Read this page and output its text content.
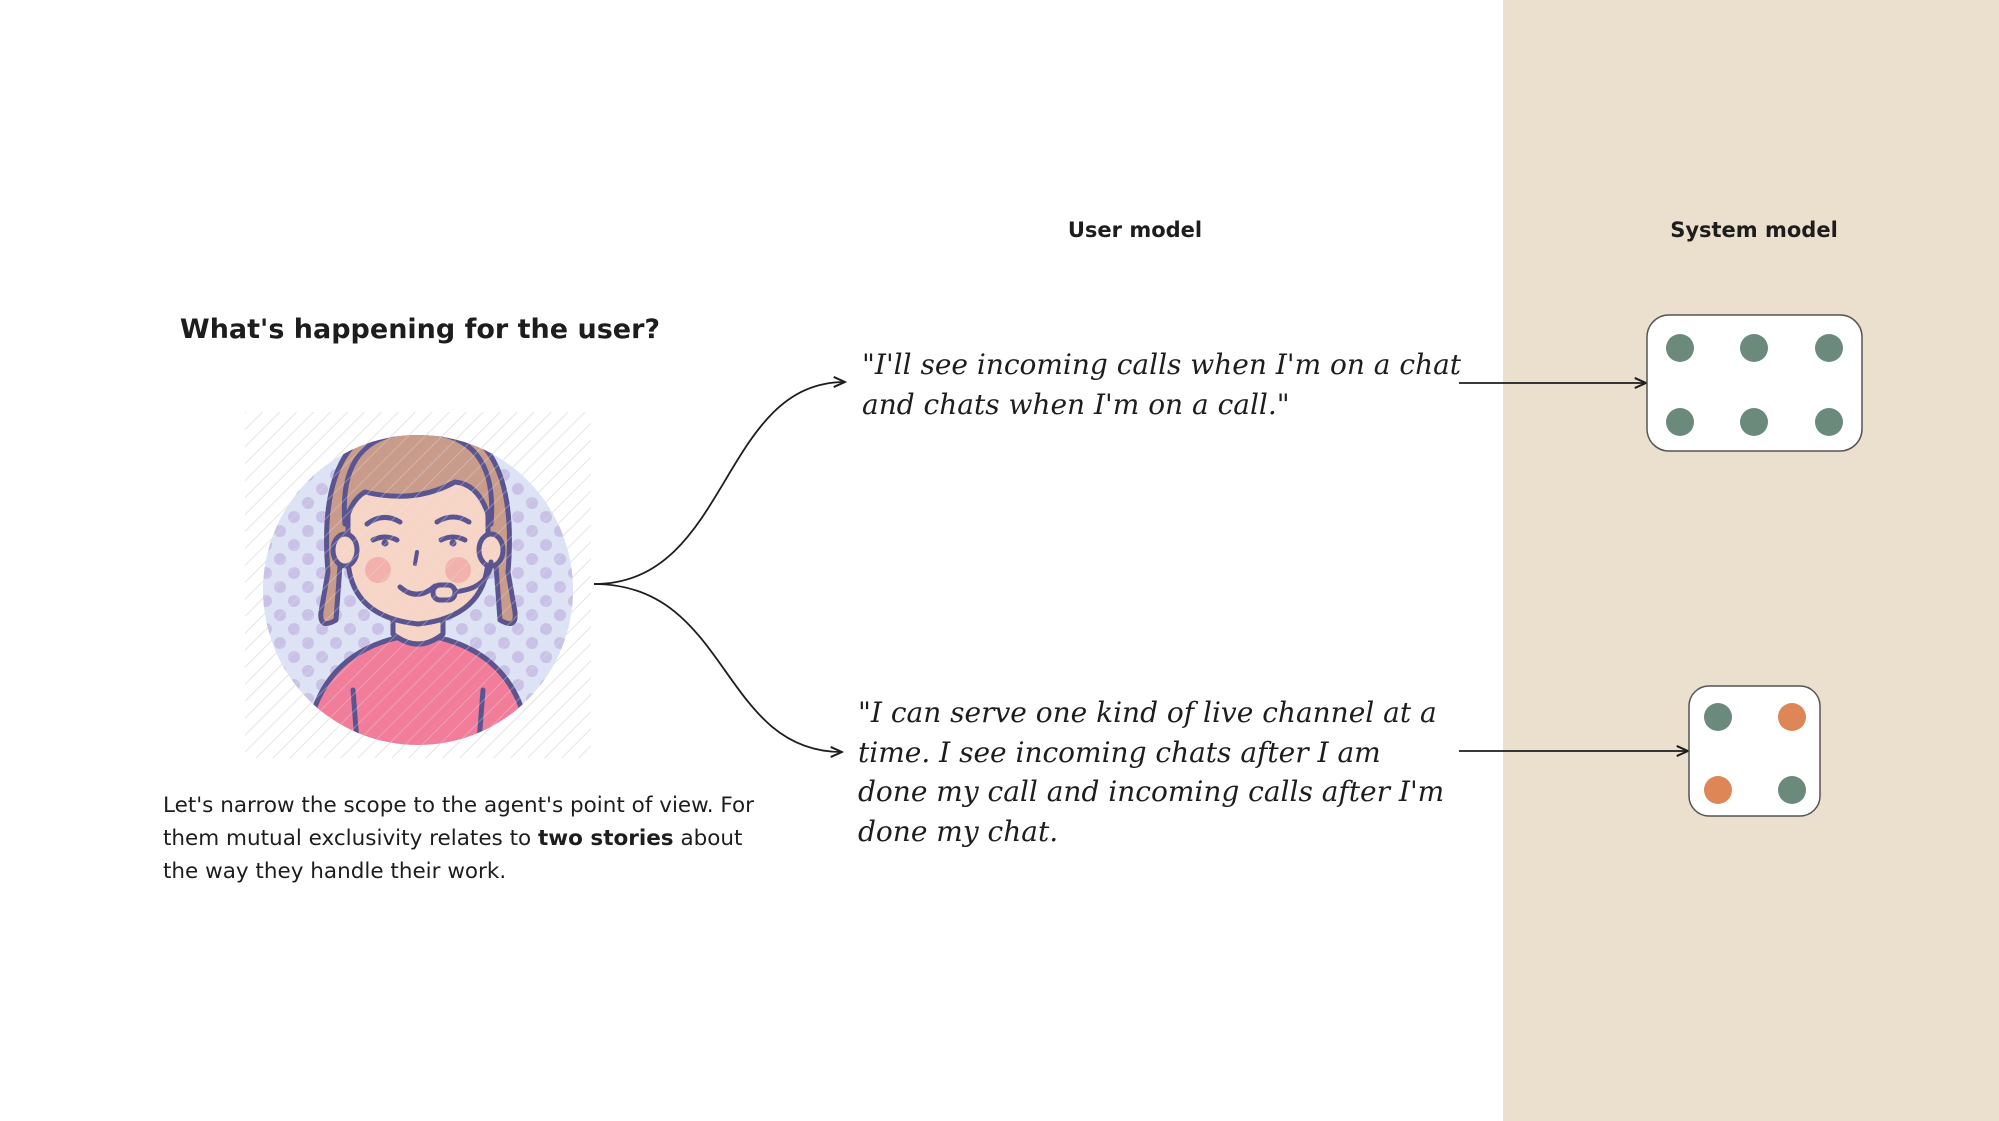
What's happening for the user?
User model	System model
Let's narrow the scope to the agent's point of view. For them mutual exclusivity relates to two stories about the way they handle their work.

"I'll see incoming calls when I'm on a chat and chats when I'm on a call."

"I can serve one kind of live channel at a time. I see incoming chats after I am done my call and incoming calls after I'm done my chat.
